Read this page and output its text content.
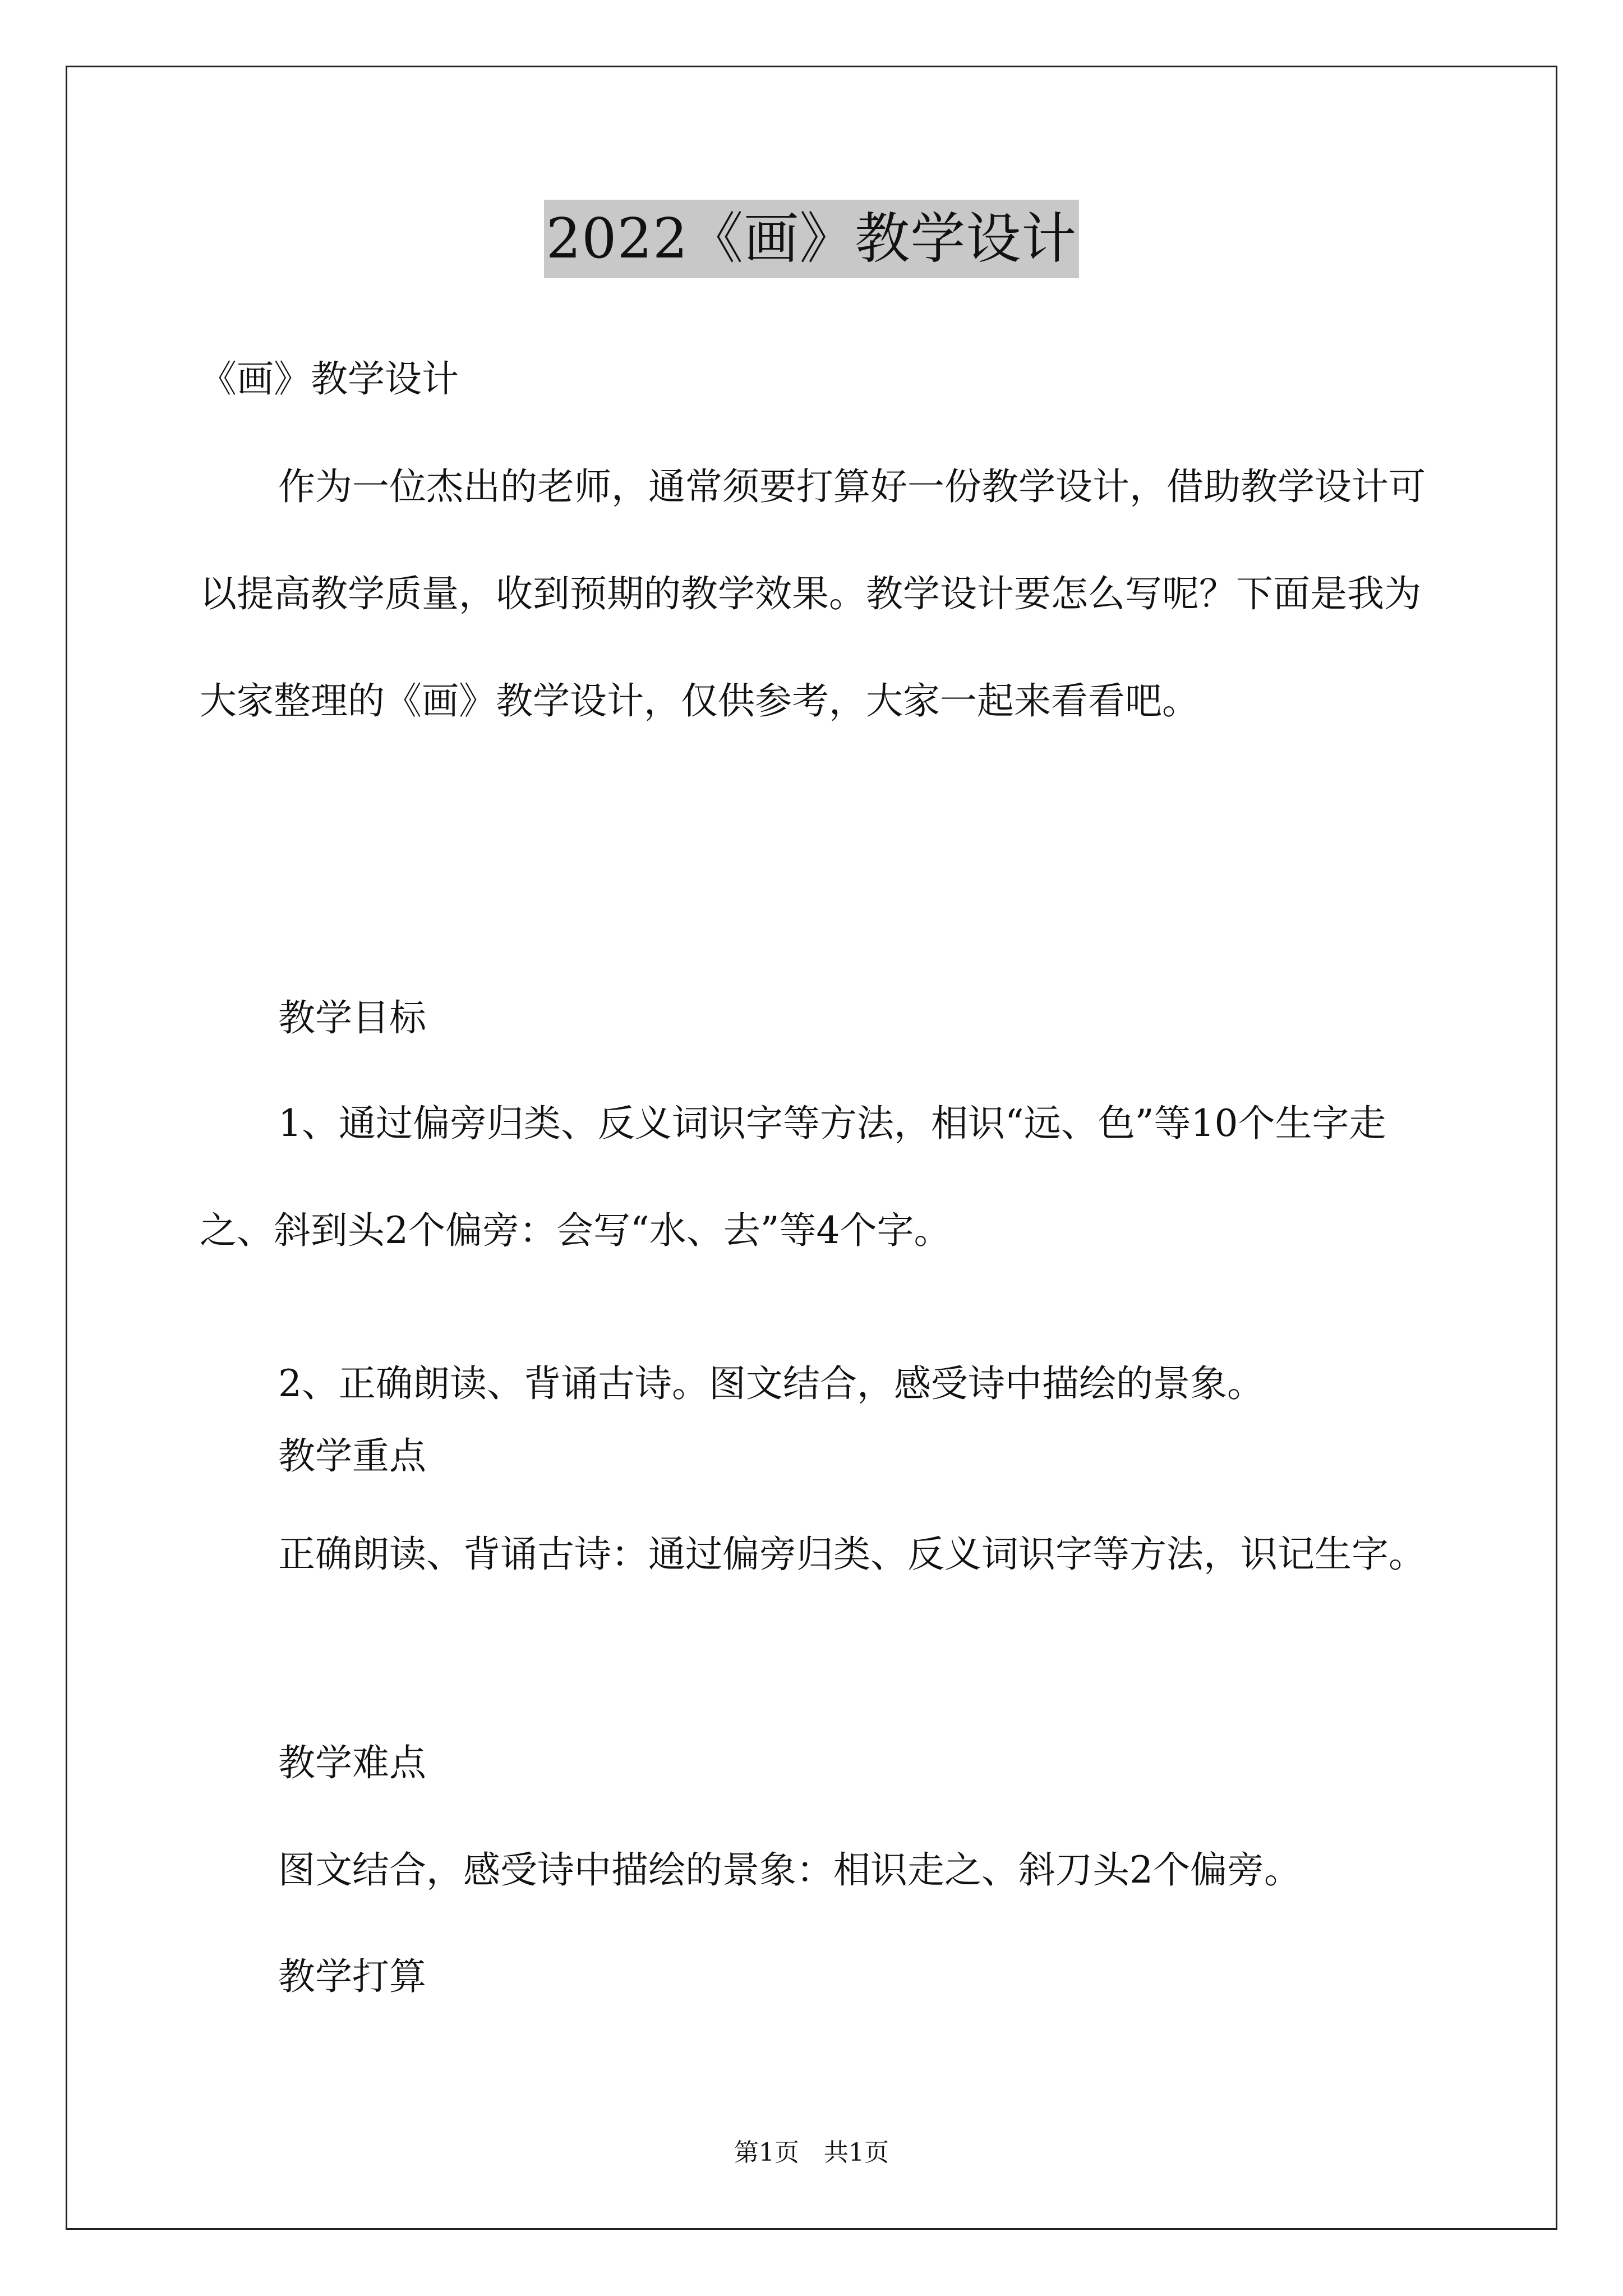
2022《画》教学设计

《画》教学设计

作为一位杰出的老师，通常须要打算好一份教学设计，借助教学设计可以提高教学质量，收到预期的教学效果。教学设计要怎么写呢？下面是我为大家整理的《画》教学设计，仅供参考，大家一起来看看吧。

教学目标

1、通过偏旁归类、反义词识字等方法，相识“远、色”等10个生字走之、斜到头2个偏旁：会写“水、去”等4个字。

2、正确朗读、背诵古诗。图文结合，感受诗中描绘的景象。

教学重点

正确朗读、背诵古诗：通过偏旁归类、反义词识字等方法，识记生字。

教学难点

图文结合，感受诗中描绘的景象：相识走之、斜刀头2个偏旁。

教学打算

第1页　共1页
